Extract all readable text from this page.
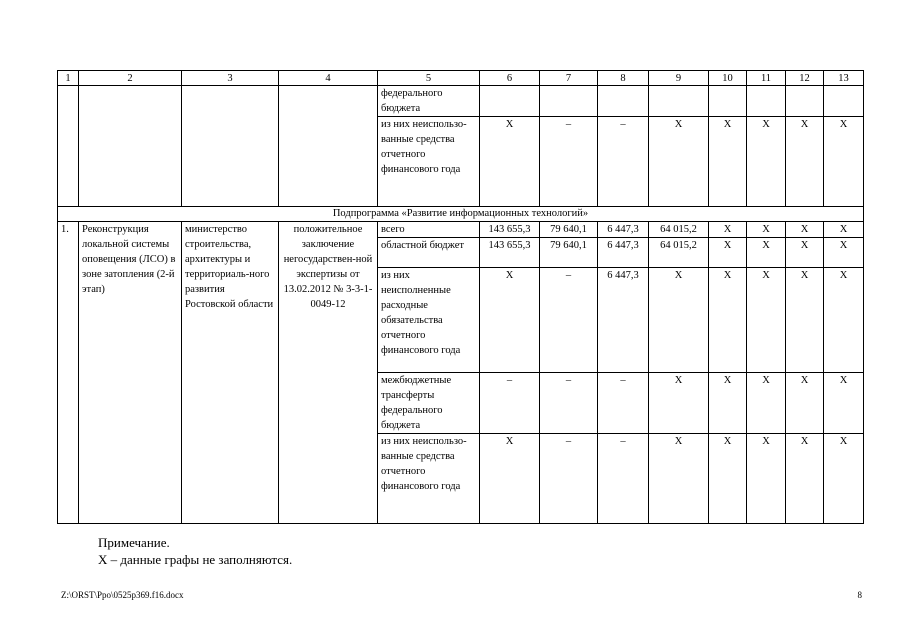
1	2	3	4	5	6	7	8	9	10	11	12	13
				федерального бюджета								
				из них неиспользо-ванные средства отчетного финансового года	X	–	–	X	X	X	X	X
Подпрограмма «Развитие информационных технологий»												
1.	Реконструкция локальной системы оповещения (ЛСО) в зоне затопления (2-й этап)	министерство строительства, архитектуры и территориаль-ного развития Ростовской области	положительное заключение негосударствен-ной экспертизы от 13.02.2012 № 3-3-1-0049-12	всего	143 655,3	79 640,1	6 447,3	64 015,2	X	X	X	X
				областной бюджет	143 655,3	79 640,1	6 447,3	64 015,2	X	X	X	X
				из них неисполненные расходные обязательства отчетного финансового года	X	–	6 447,3	X	X	X	X	X
				межбюджетные трансферты федерального бюджета	–	–	–	X	X	X	X	X
				из них неиспользо-ванные средства отчетного финансового года	X	–	–	X	X	X	X	X
Примечание.
X – данные графы не заполняются.
Z:\ORST\Ppo\0525p369.f16.docx	8
